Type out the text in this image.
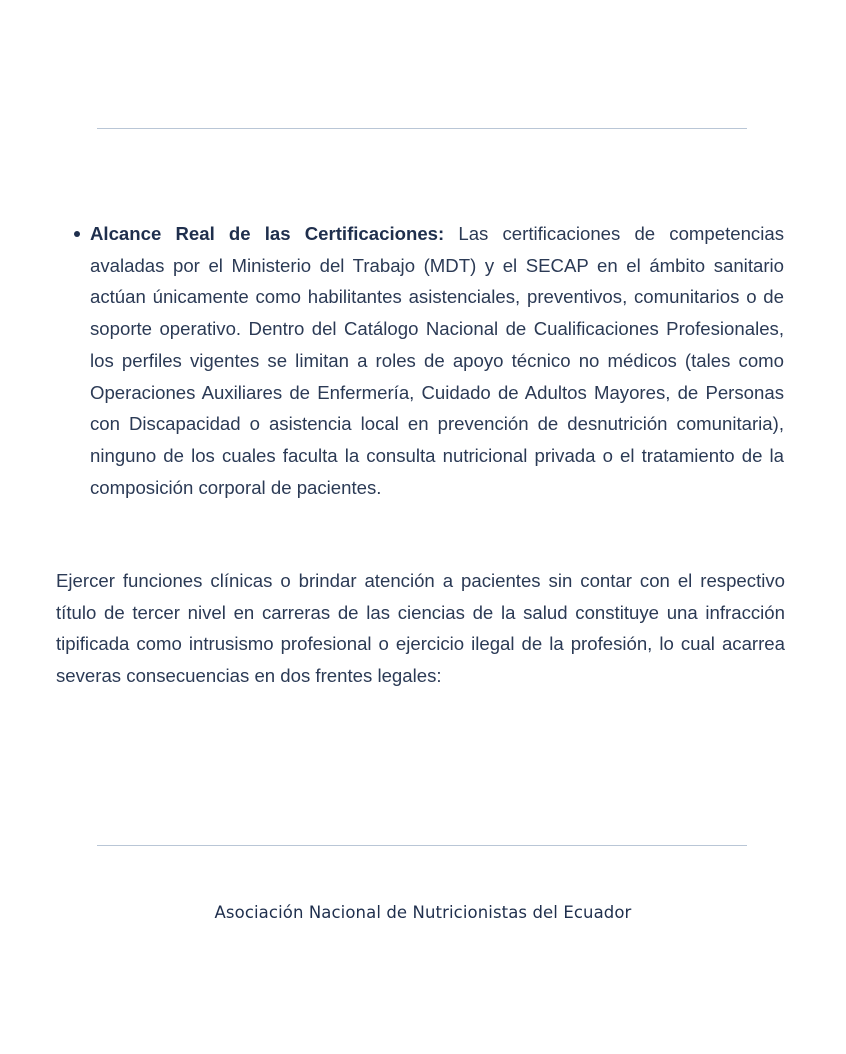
Alcance Real de las Certificaciones: Las certificaciones de competencias avaladas por el Ministerio del Trabajo (MDT) y el SECAP en el ámbito sanitario actúan únicamente como habilitantes asistenciales, preventivos, comunitarios o de soporte operativo. Dentro del Catálogo Nacional de Cualificaciones Profesionales, los perfiles vigentes se limitan a roles de apoyo técnico no médicos (tales como Operaciones Auxiliares de Enfermería, Cuidado de Adultos Mayores, de Personas con Discapacidad o asistencia local en prevención de desnutrición comunitaria), ninguno de los cuales faculta la consulta nutricional privada o el tratamiento de la composición corporal de pacientes.

Ejercer funciones clínicas o brindar atención a pacientes sin contar con el respectivo título de tercer nivel en carreras de las ciencias de la salud constituye una infracción tipificada como intrusismo profesional o ejercicio ilegal de la profesión, lo cual acarrea severas consecuencias en dos frentes legales:

Asociación Nacional de Nutricionistas del Ecuador
